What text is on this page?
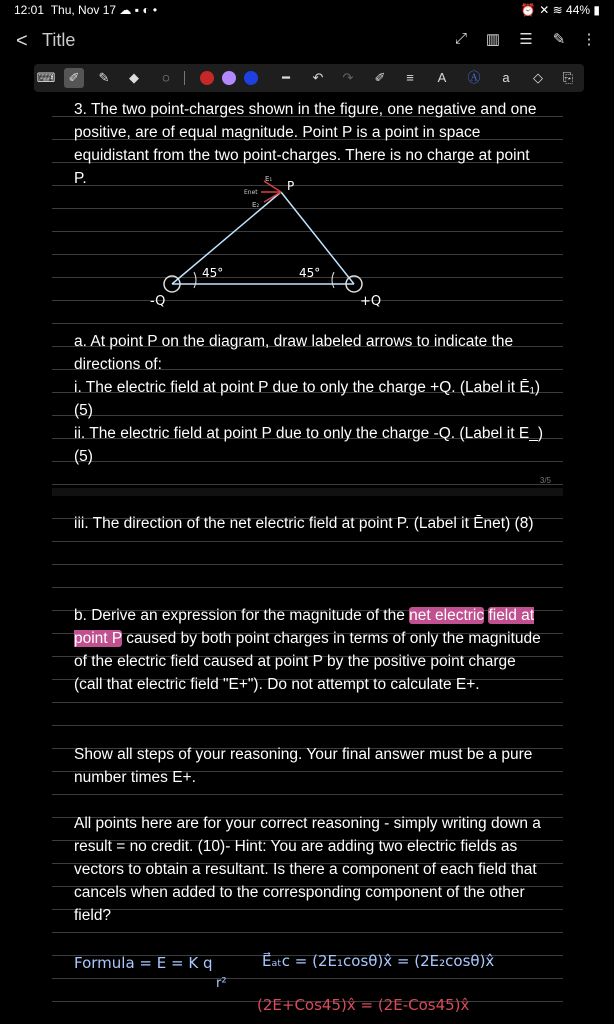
12:01 Thu, Nov 17 ☁ ▪ ◐ •	⏰ ✕ ≋ 44% ▮
< Title	⤢	▥ ☰	✎	⋮
⌨	✐	✎	◆	◌	━	↶	↷	✐	≡	A	Ⓐ	a	◇	⎘

3. The two point-charges shown in the figure, one negative and one positive, are of equal magnitude. Point P is a point in space equidistant from the two point-charges. There is no charge at point P.	P
Enet
E₁
E₂
-Q	+Q
45°	45°

a. At point P on the diagram, draw labeled arrows to indicate the directions of:

i. The electric field at point P due to only the charge +Q. (Label it Ē₁) (5)

ii. The electric field at point P due to only the charge -Q. (Label it E_) (5)

3/5

iii. The direction of the net electric field at point P. (Label it Ēnet) (8)

b. Derive an expression for the magnitude of the net electric field at point P caused by both point charges in terms of only the magnitude of the electric field caused at point P by the positive point charge (call that electric field "E+"). Do not attempt to calculate E+.

Show all steps of your reasoning. Your final answer must be a pure number times E+.

All points here are for your correct reasoning - simply writing down a result = no credit. (10)- Hint: You are adding two electric fields as vectors to obtain a resultant. Is there a component of each field that cancels when added to the corresponding component of the other field?

Formula = E = K q
r²
E⃗ₐₜc = (2E₁cosθ)x̂ = (2E₂cosθ)x̂
(2E+Cos45)x̂ = (2E-Cos45)x̂
